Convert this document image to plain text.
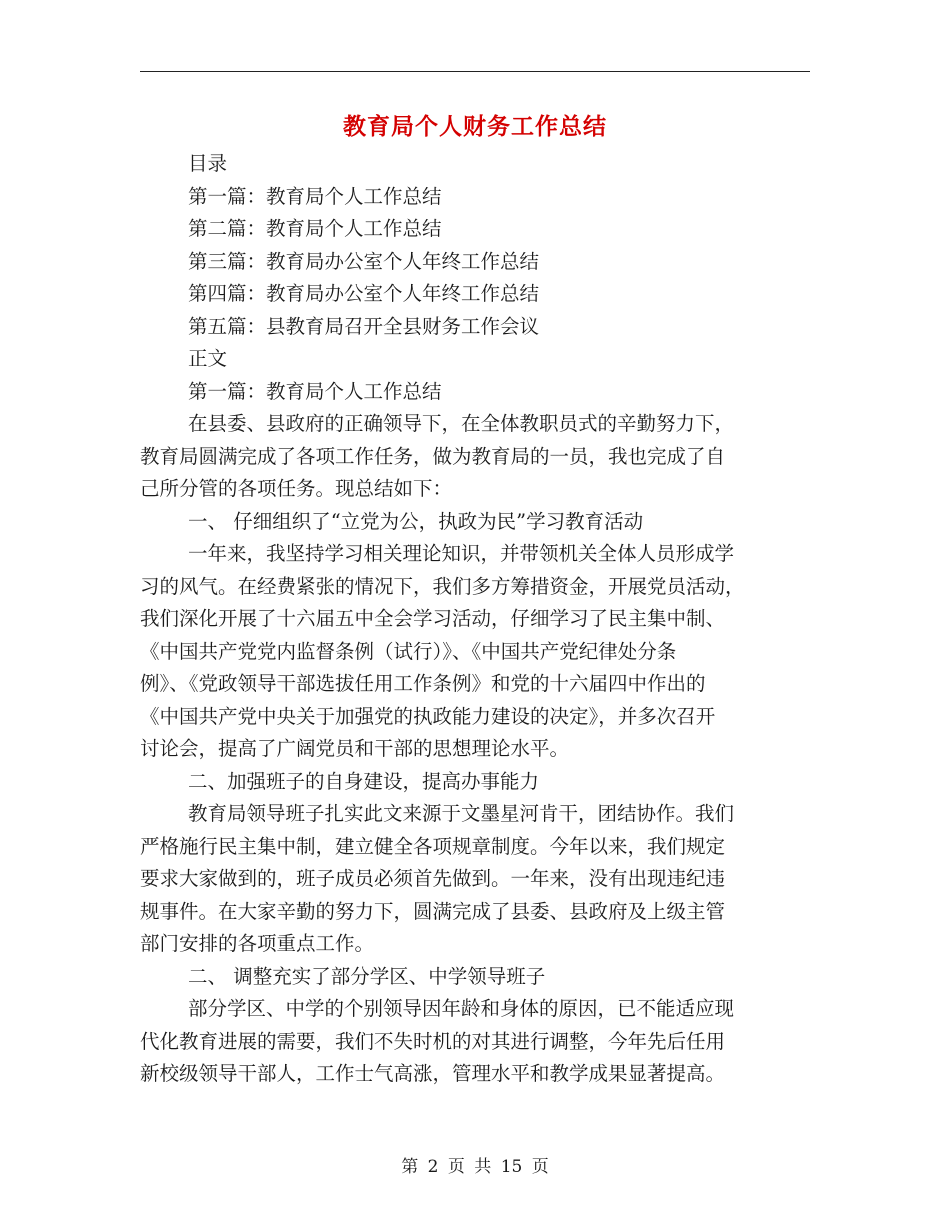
教育局个人财务工作总结
目录
第一篇：教育局个人工作总结
第二篇：教育局个人工作总结
第三篇：教育局办公室个人年终工作总结
第四篇：教育局办公室个人年终工作总结
第五篇：县教育局召开全县财务工作会议
正文
第一篇：教育局个人工作总结
在县委、县政府的正确领导下，在全体教职员式的辛勤努力下，
教育局圆满完成了各项工作任务，做为教育局的一员，我也完成了自
己所分管的各项任务。现总结如下：
一、 仔细组织了“立党为公，执政为民”学习教育活动
一年来，我坚持学习相关理论知识，并带领机关全体人员形成学
习的风气。在经费紧张的情况下，我们多方筹措资金，开展党员活动，
我们深化开展了十六届五中全会学习活动，仔细学习了民主集中制、
《中国共产党党内监督条例（试行）》、《中国共产党纪律处分条
例》、《党政领导干部选拔任用工作条例》和党的十六届四中作出的
《中国共产党中央关于加强党的执政能力建设的决定》，并多次召开
讨论会，提高了广阔党员和干部的思想理论水平。
二、加强班子的自身建设，提高办事能力
教育局领导班子扎实此文来源于文墨星河肯干，团结协作。我们
严格施行民主集中制，建立健全各项规章制度。今年以来，我们规定
要求大家做到的，班子成员必须首先做到。一年来，没有出现违纪违
规事件。在大家辛勤的努力下，圆满完成了县委、县政府及上级主管
部门安排的各项重点工作。
二、 调整充实了部分学区、中学领导班子
部分学区、中学的个别领导因年龄和身体的原因，已不能适应现
代化教育进展的需要，我们不失时机的对其进行调整，今年先后任用
新校级领导干部人，工作士气高涨，管理水平和教学成果显著提高。
第 2 页 共 15 页
